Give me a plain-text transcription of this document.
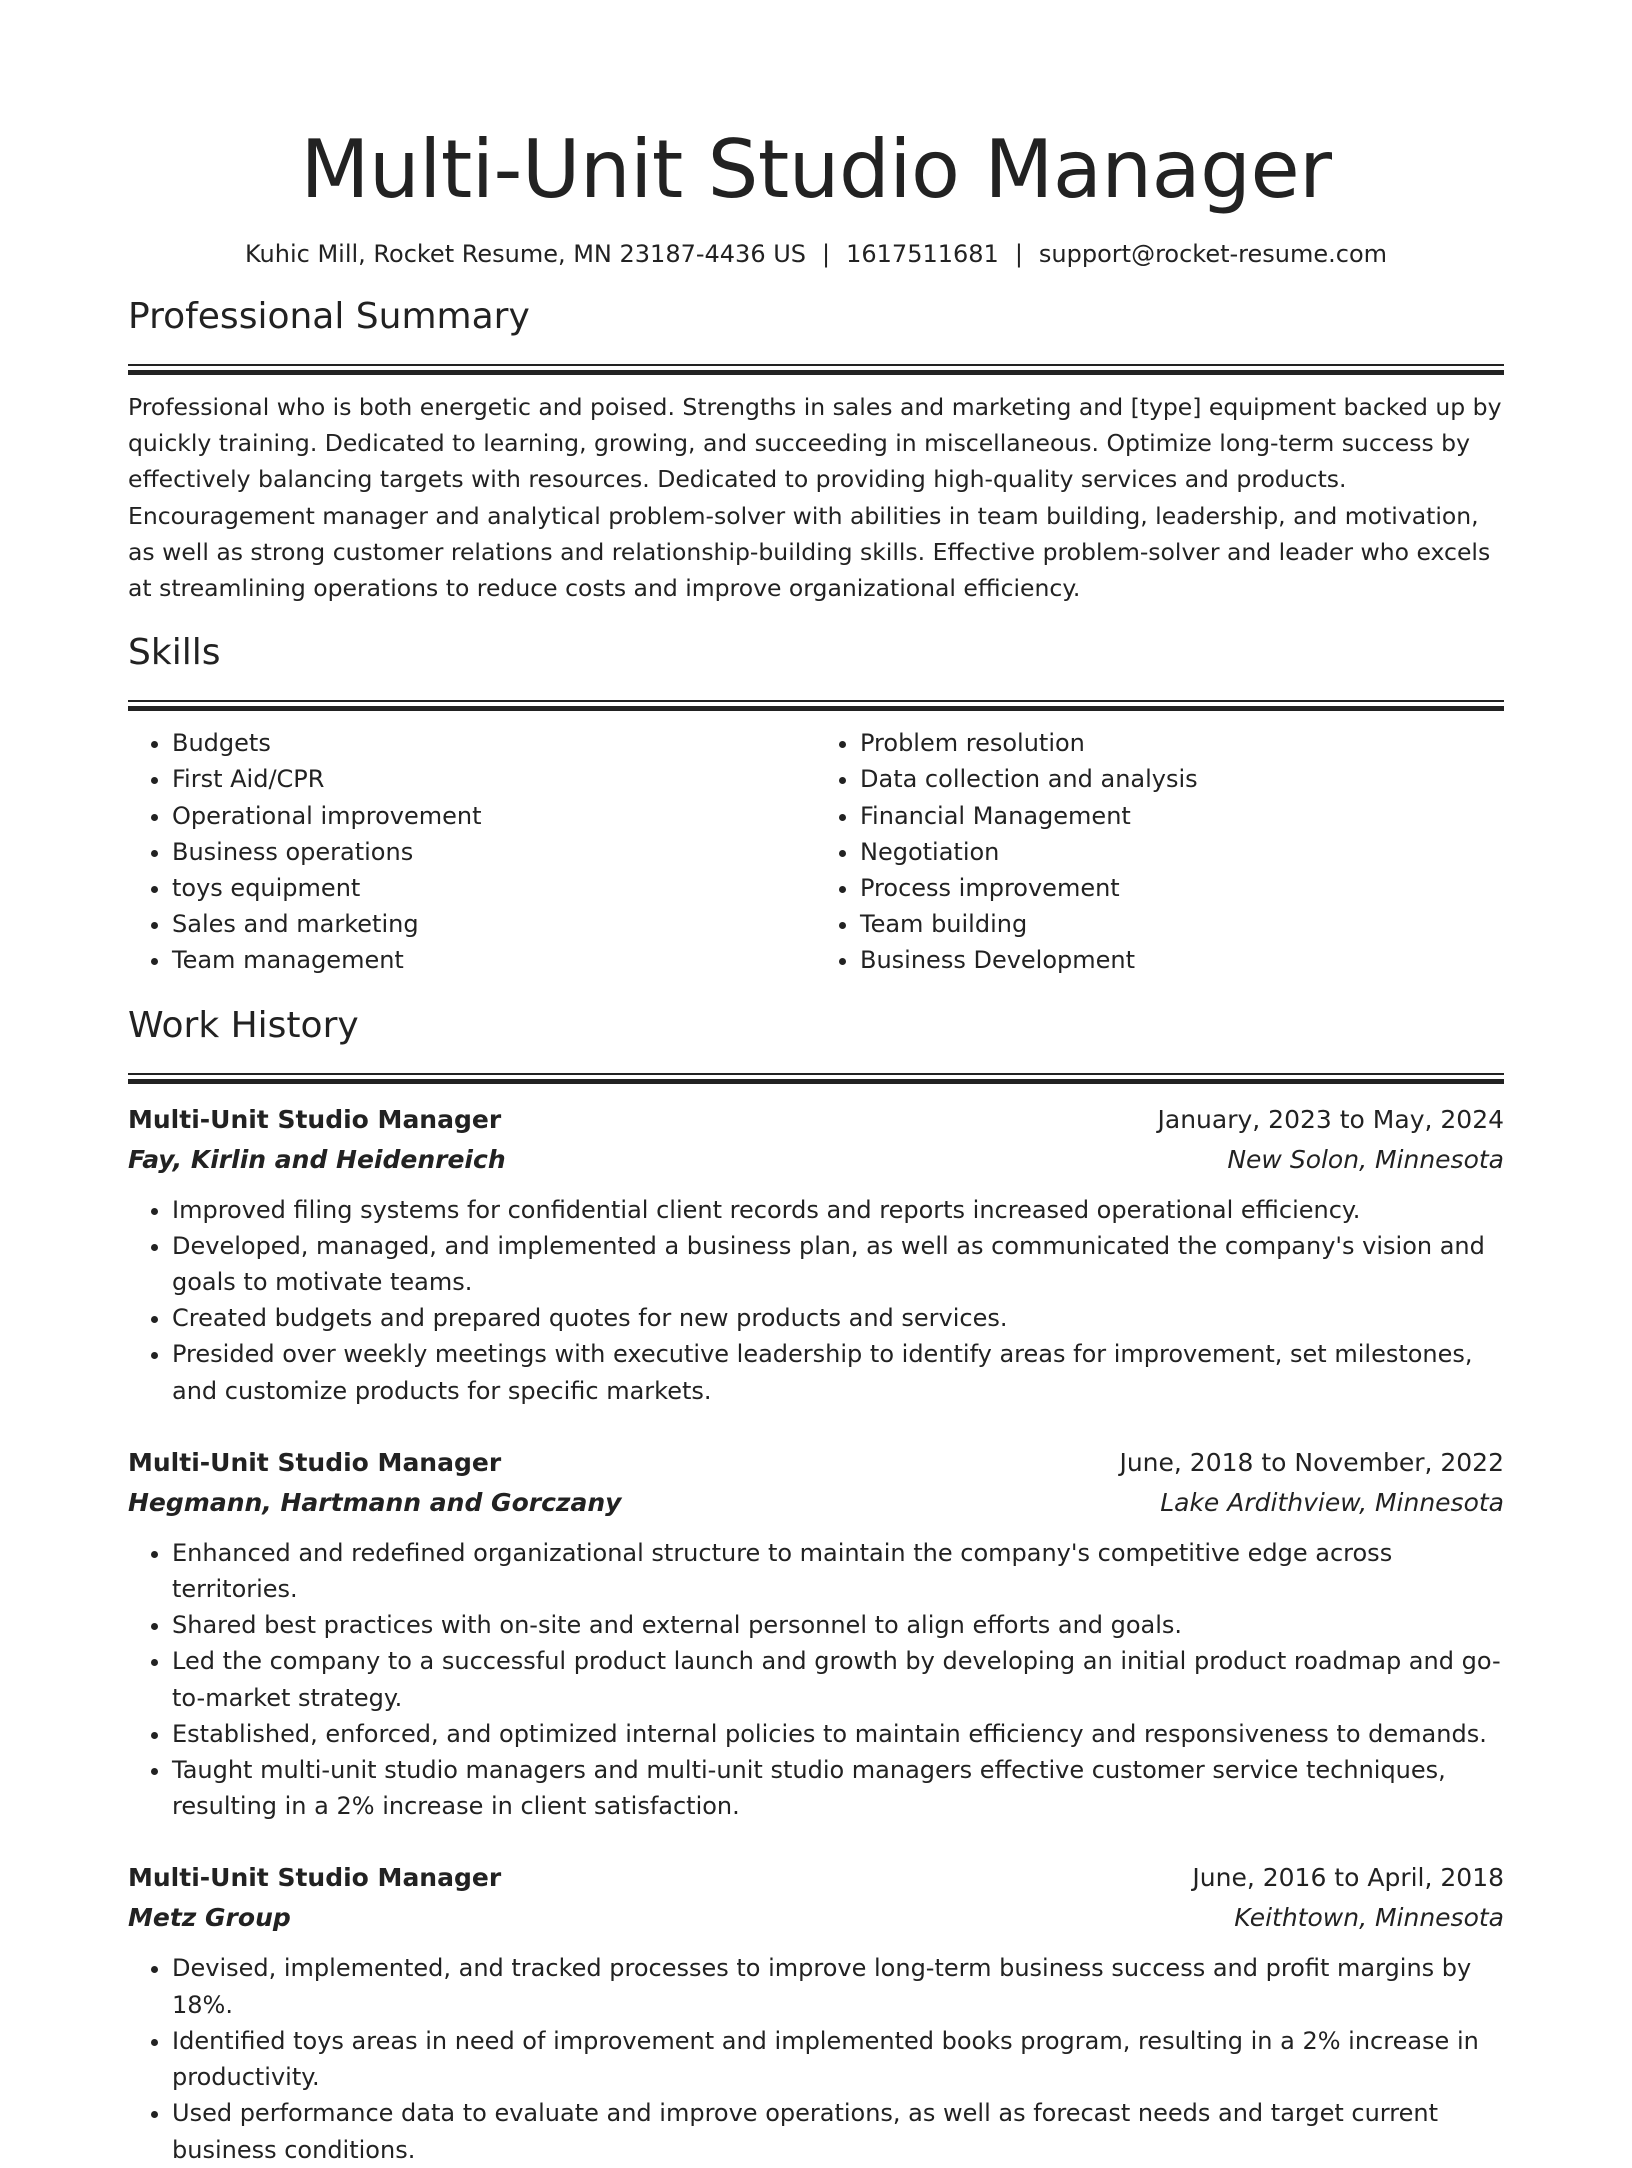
Multi-Unit Studio Manager
Kuhic Mill, Rocket Resume, MN 23187-4436 US | 1617511681 | support@rocket-resume.com
Professional Summary
Professional who is both energetic and poised. Strengths in sales and marketing and [type] equipment backed up by quickly training. Dedicated to learning, growing, and succeeding in miscellaneous. Optimize long-term success by effectively balancing targets with resources. Dedicated to providing high-quality services and products. Encouragement manager and analytical problem-solver with abilities in team building, leadership, and motivation, as well as strong customer relations and relationship-building skills. Effective problem-solver and leader who excels at streamlining operations to reduce costs and improve organizational efficiency.
Skills
• Budgets
• First Aid/CPR
• Operational improvement
• Business operations
• toys equipment
• Sales and marketing
• Team management
• Problem resolution
• Data collection and analysis
• Financial Management
• Negotiation
• Process improvement
• Team building
• Business Development
Work History
Multi-Unit Studio Manager	January, 2023 to May, 2024
Fay, Kirlin and Heidenreich	New Solon, Minnesota
• Improved filing systems for confidential client records and reports increased operational efficiency.
• Developed, managed, and implemented a business plan, as well as communicated the company's vision and goals to motivate teams.
• Created budgets and prepared quotes for new products and services.
• Presided over weekly meetings with executive leadership to identify areas for improvement, set milestones, and customize products for specific markets.
Multi-Unit Studio Manager	June, 2018 to November, 2022
Hegmann, Hartmann and Gorczany	Lake Ardithview, Minnesota
• Enhanced and redefined organizational structure to maintain the company's competitive edge across territories.
• Shared best practices with on-site and external personnel to align efforts and goals.
• Led the company to a successful product launch and growth by developing an initial product roadmap and go-to-market strategy.
• Established, enforced, and optimized internal policies to maintain efficiency and responsiveness to demands.
• Taught multi-unit studio managers and multi-unit studio managers effective customer service techniques, resulting in a 2% increase in client satisfaction.
Multi-Unit Studio Manager	June, 2016 to April, 2018
Metz Group	Keithtown, Minnesota
• Devised, implemented, and tracked processes to improve long-term business success and profit margins by 18%.
• Identified toys areas in need of improvement and implemented books program, resulting in a 2% increase in productivity.
• Used performance data to evaluate and improve operations, as well as forecast needs and target current business conditions.
